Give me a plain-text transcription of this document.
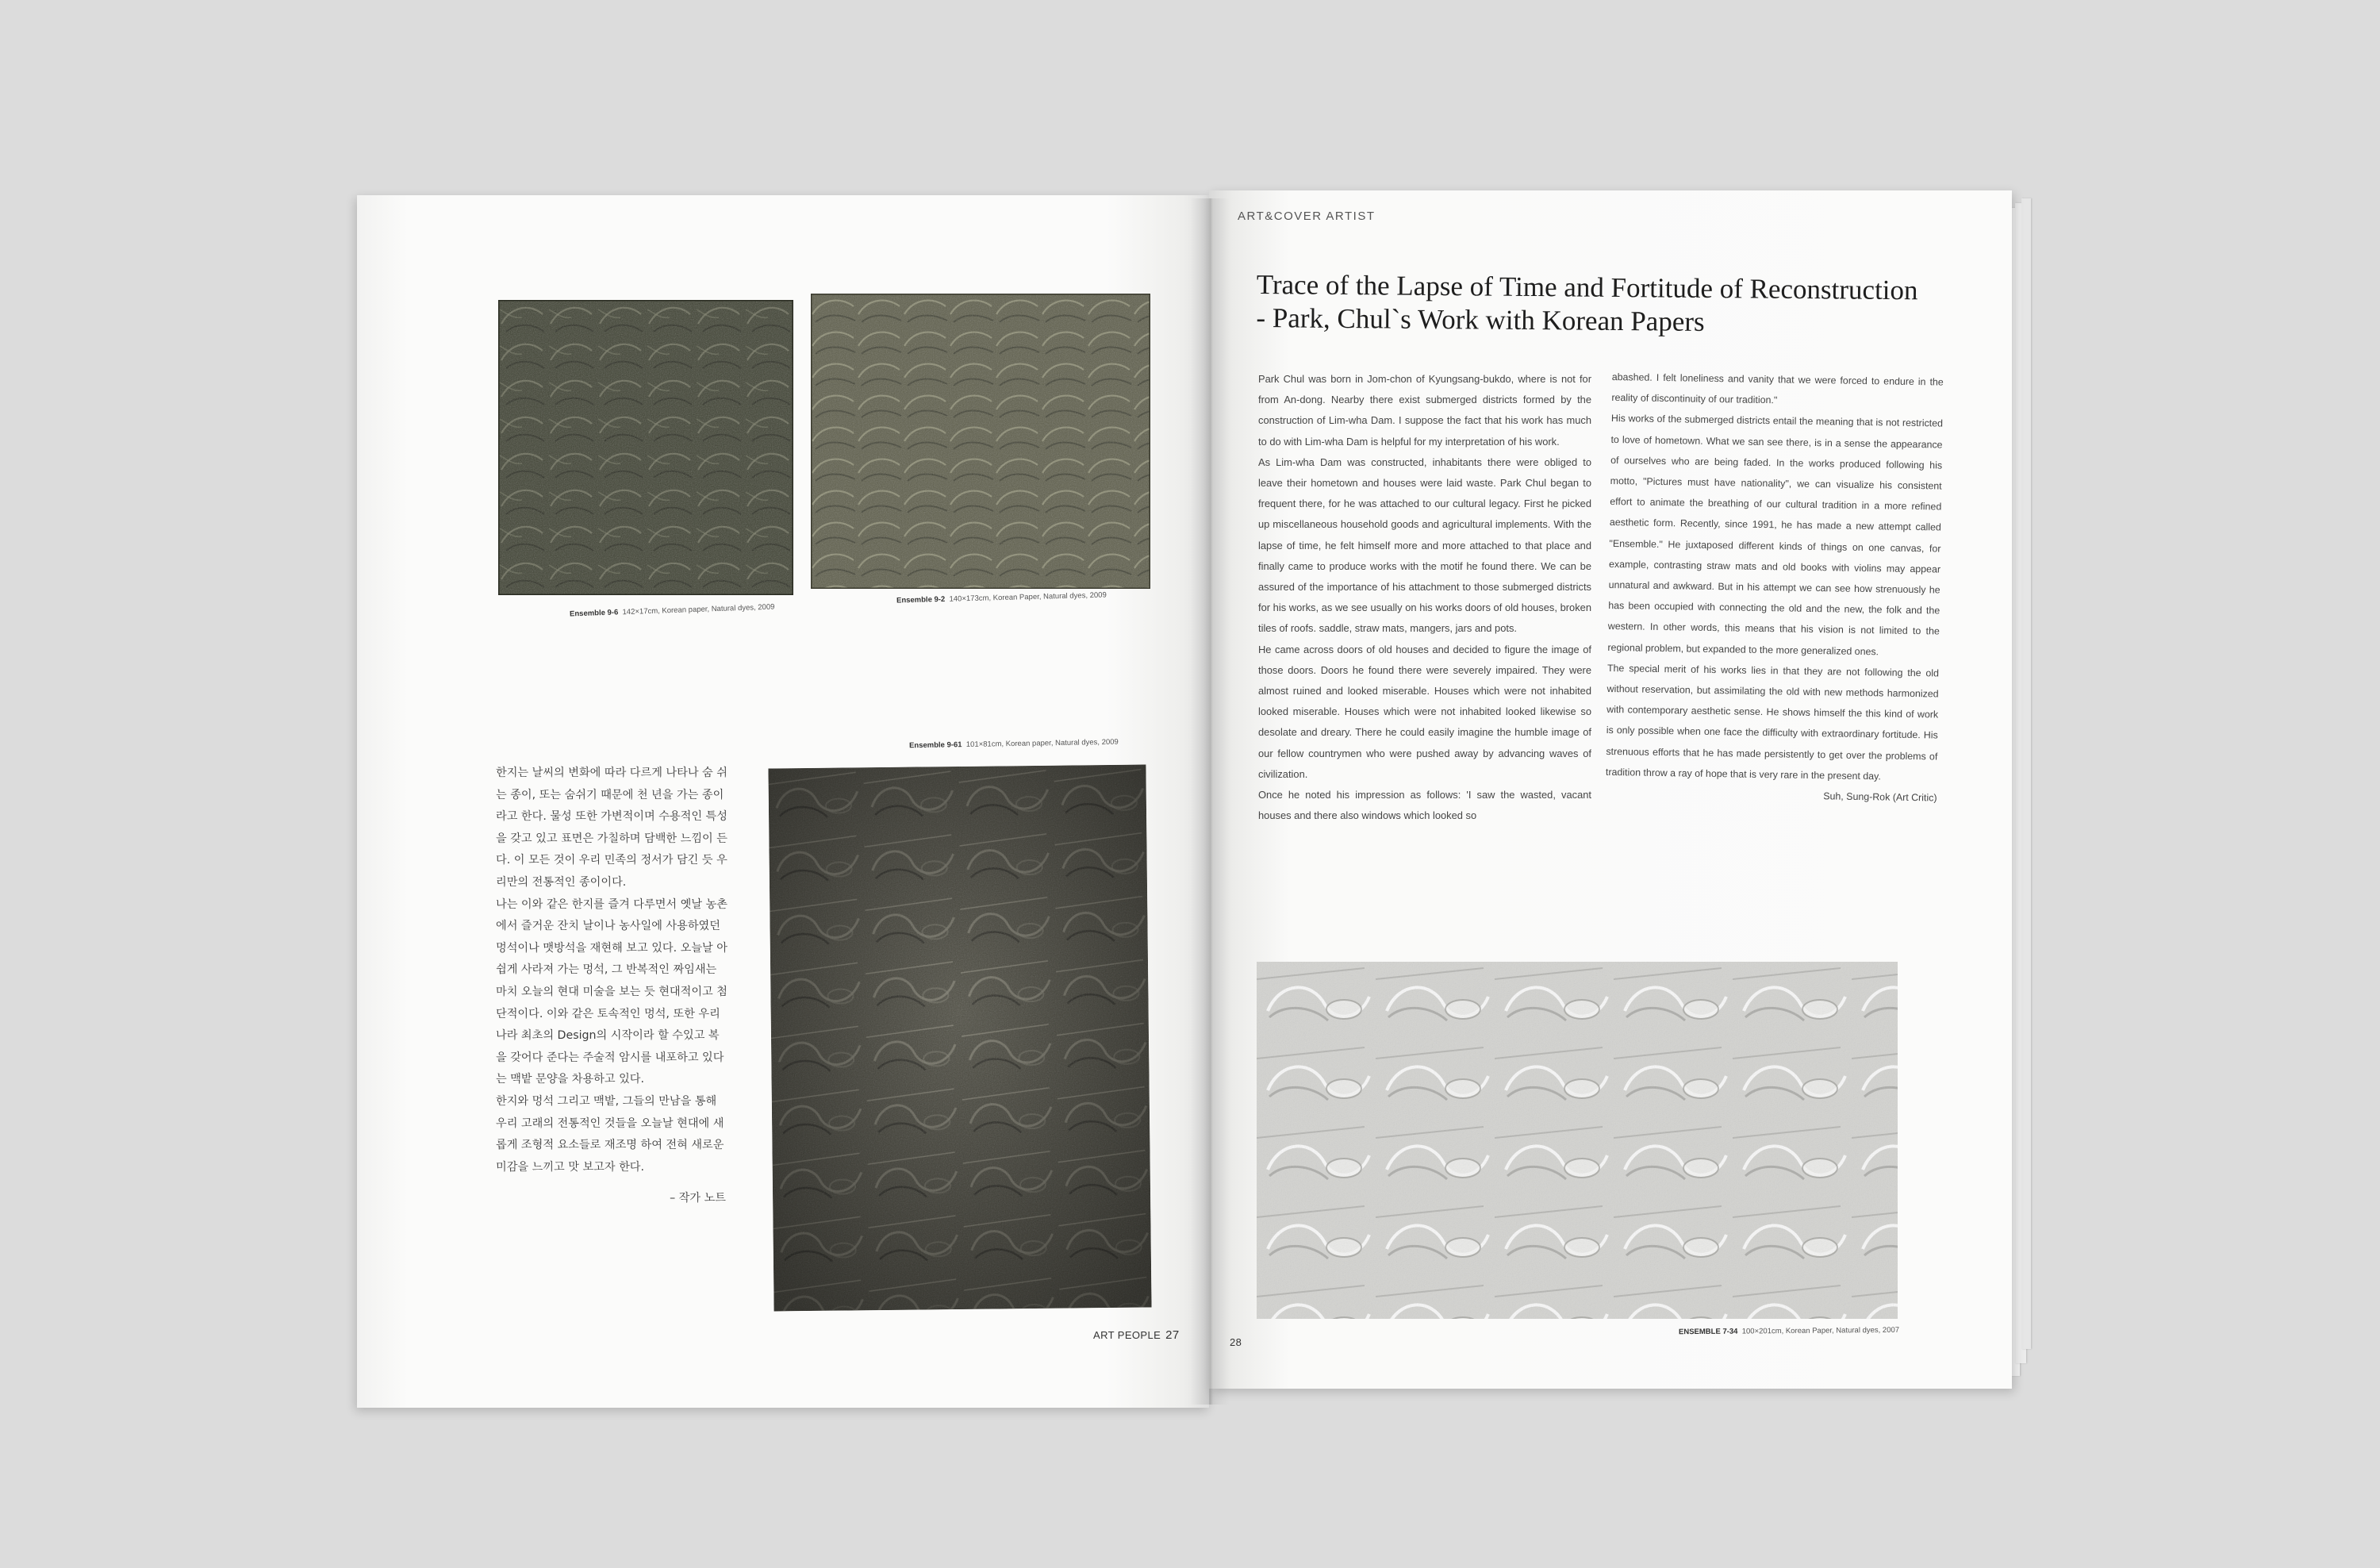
Ensemble 9-6 142×17cm, Korean paper, Natural dyes, 2009
Ensemble 9-2 140×173cm, Korean Paper, Natural dyes, 2009
Ensemble 9-61 101×81cm, Korean paper, Natural dyes, 2009

한지는 날씨의 변화에 따라 다르게 나타나 숨 쉬는 종이, 또는 숨쉬기 때문에 천 년을 가는 종이라고 한다. 물성 또한 가변적이며 수용적인 특성을 갖고 있고 표면은 가칠하며 담백한 느낌이 든다. 이 모든 것이 우리 민족의 정서가 담긴 듯 우리만의 전통적인 종이이다.

나는 이와 같은 한지를 즐겨 다루면서 옛날 농촌에서 즐거운 잔치 날이나 농사일에 사용하였던 멍석이나 맷방석을 재현해 보고 있다. 오늘날 아쉽게 사라져 가는 멍석, 그 반복적인 짜임새는 마치 오늘의 현대 미술을 보는 듯 현대적이고 첨단적이다. 이와 같은 토속적인 멍석, 또한 우리나라 최초의 Design의 시작이라 할 수있고 복을 갖어다 준다는 주술적 암시를 내포하고 있다는 맥밭 문양을 차용하고 있다.

한지와 멍석 그리고 맥밭, 그들의 만남을 통해 우리 고래의 전통적인 것들을 오늘날 현대에 새롭게 조형적 요소들로 재조명 하여 전혀 새로운 미감을 느끼고 맛 보고자 한다.

– 작가 노트

ART PEOPLE 27
ART&COVER ARTIST
Trace of the Lapse of Time and Fortitude of Reconstruction
- Park, Chul`s Work with Korean Papers

Park Chul was born in Jom-chon of Kyungsang-bukdo, where is not for from An-dong. Nearby there exist submerged districts formed by the construction of Lim-wha Dam. I suppose the fact that his work has much to do with Lim-wha Dam is helpful for my interpretation of his work.

As Lim-wha Dam was constructed, inhabitants there were obliged to leave their hometown and houses were laid waste. Park Chul began to frequent there, for he was attached to our cultural legacy. First he picked up miscellaneous household goods and agricultural implements. With the lapse of time, he felt himself more and more attached to that place and finally came to produce works with the motif he found there. We can be assured of the importance of his attachment to those submerged districts for his works, as we see usually on his works doors of old houses, broken tiles of roofs. saddle, straw mats, mangers, jars and pots.

He came across doors of old houses and decided to figure the image of those doors. Doors he found there were severely impaired. They were almost ruined and looked miserable. Houses which were not inhabited looked miserable. Houses which were not inhabited looked likewise so desolate and dreary. There he could easily imagine the humble image of our fellow countrymen who were pushed away by advancing waves of civilization.

Once he noted his impression as follows: 'I saw the wasted, vacant houses and there also windows which looked so

abashed. I felt loneliness and vanity that we were forced to endure in the reality of discontinuity of our tradition."

His works of the submerged districts entail the meaning that is not restricted to love of hometown. What we san see there, is in a sense the appearance of ourselves who are being faded. In the works produced following his motto, "Pictures must have nationality", we can visualize his consistent effort to animate the breathing of our cultural tradition in a more refined aesthetic form. Recently, since 1991, he has made a new attempt called "Ensemble." He juxtaposed different kinds of things on one canvas, for example, contrasting straw mats and old books with violins may appear unnatural and awkward. But in his attempt we can see how strenuously he has been occupied with connecting the old and the new, the folk and the western. In other words, this means that his vision is not limited to the regional problem, but expanded to the more generalized ones.

The special merit of his works lies in that they are not following the old without reservation, but assimilating the old with new methods harmonized with contemporary aesthetic sense. He shows himself the this kind of work is only possible when one face the difficulty with extraordinary fortitude. His strenuous efforts that he has made persistently to get over the problems of tradition throw a ray of hope that is very rare in the present day.

Suh, Sung-Rok (Art Critic)

ENSEMBLE 7-34 100×201cm, Korean Paper, Natural dyes, 2007
28
